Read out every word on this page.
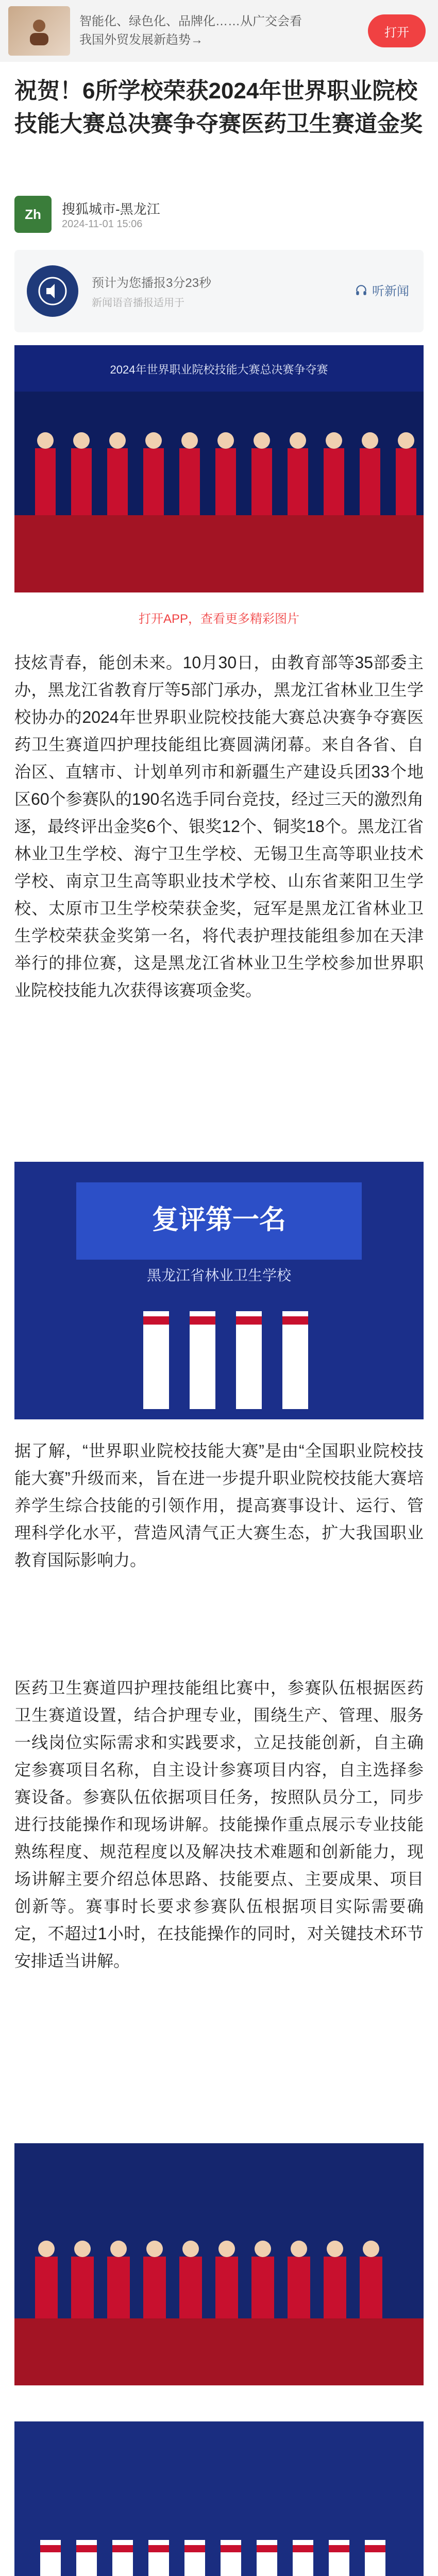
智能化、绿色化、品牌化……从广交会看
我国外贸发展新趋势→
打开
祝贺！6所学校荣获2024年世界职业院校技能大赛总决赛争夺赛医药卫生赛道金奖
Zh	搜狐城市-黑龙江
2024-11-01 15:06
预计为您播报3分23秒
新闻语音播报适用于
听新闻
2024年世界职业院校技能大赛总决赛争夺赛
打开APP，查看更多精彩图片

技炫青春，能创未来。10月30日，由教育部等35部委主办，黑龙江省教育厅等5部门承办，黑龙江省林业卫生学校协办的2024年世界职业院校技能大赛总决赛争夺赛医药卫生赛道四护理技能组比赛圆满闭幕。来自各省、自治区、直辖市、计划单列市和新疆生产建设兵团33个地区60个参赛队的190名选手同台竞技，经过三天的激烈角逐，最终评出金奖6个、银奖12个、铜奖18个。黑龙江省林业卫生学校、海宁卫生学校、无锡卫生高等职业技术学校、南京卫生高等职业技术学校、山东省莱阳卫生学校、太原市卫生学校荣获金奖，冠军是黑龙江省林业卫生学校荣获金奖第一名，将代表护理技能组参加在天津举行的排位赛，这是黑龙江省林业卫生学校参加世界职业院校技能九次获得该赛项金奖。

复评第一名
黑龙江省林业卫生学校

据了解，“世界职业院校技能大赛”是由“全国职业院校技能大赛”升级而来，旨在进一步提升职业院校技能大赛培养学生综合技能的引领作用，提高赛事设计、运行、管理科学化水平，营造风清气正大赛生态，扩大我国职业教育国际影响力。

医药卫生赛道四护理技能组比赛中，参赛队伍根据医药卫生赛道设置，结合护理专业，围绕生产、管理、服务一线岗位实际需求和实践要求，立足技能创新，自主确定参赛项目名称，自主设计参赛项目内容，自主选择参赛设备。参赛队伍依据项目任务，按照队员分工，同步进行技能操作和现场讲解。技能操作重点展示专业技能熟练程度、规范程度以及解决技术难题和创新能力，现场讲解主要介绍总体思路、技能要点、主要成果、项目创新等。赛事时长要求参赛队伍根据项目实际需要确定，不超过1小时，在技能操作的同时，对关键技术环节安排适当讲解。
